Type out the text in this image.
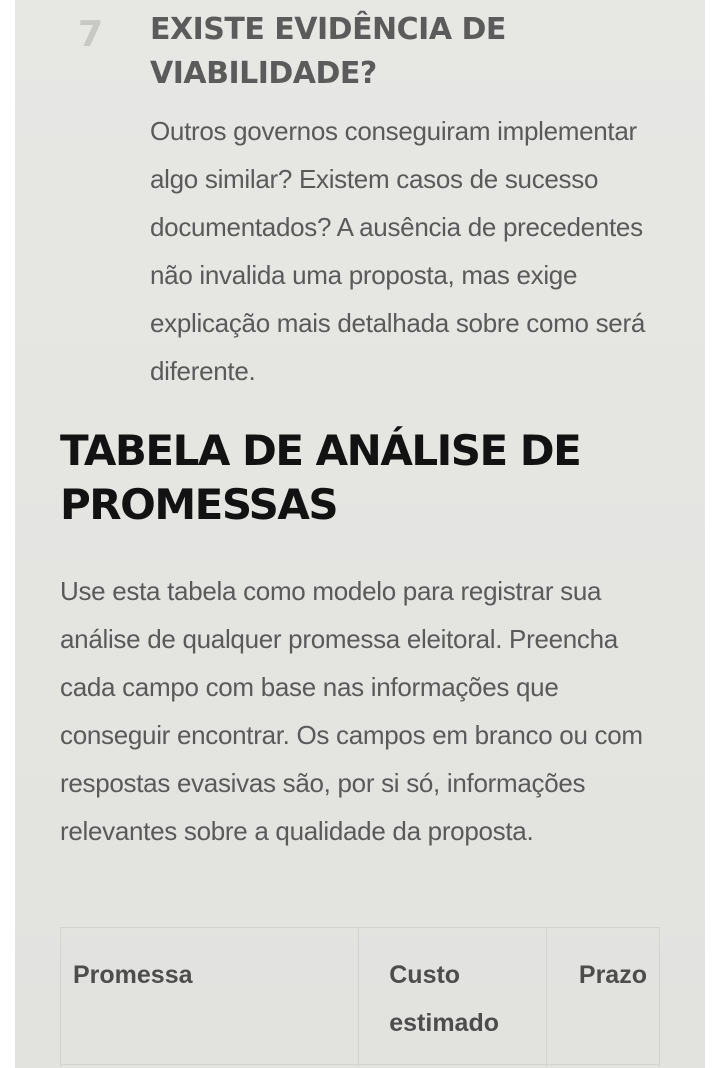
7 EXISTE EVIDÊNCIA DE VIABILIDADE?

Outros governos conseguiram implementar algo similar? Existem casos de sucesso documentados? A ausência de precedentes não invalida uma proposta, mas exige explicação mais detalhada sobre como será diferente.

TABELA DE ANÁLISE DE PROMESSAS

Use esta tabela como modelo para registrar sua análise de qualquer promessa eleitoral. Preencha cada campo com base nas informações que conseguir encontrar. Os campos em branco ou com respostas evasivas são, por si só, informações relevantes sobre a qualidade da proposta.

Promessa	Custo estimado	Prazo
